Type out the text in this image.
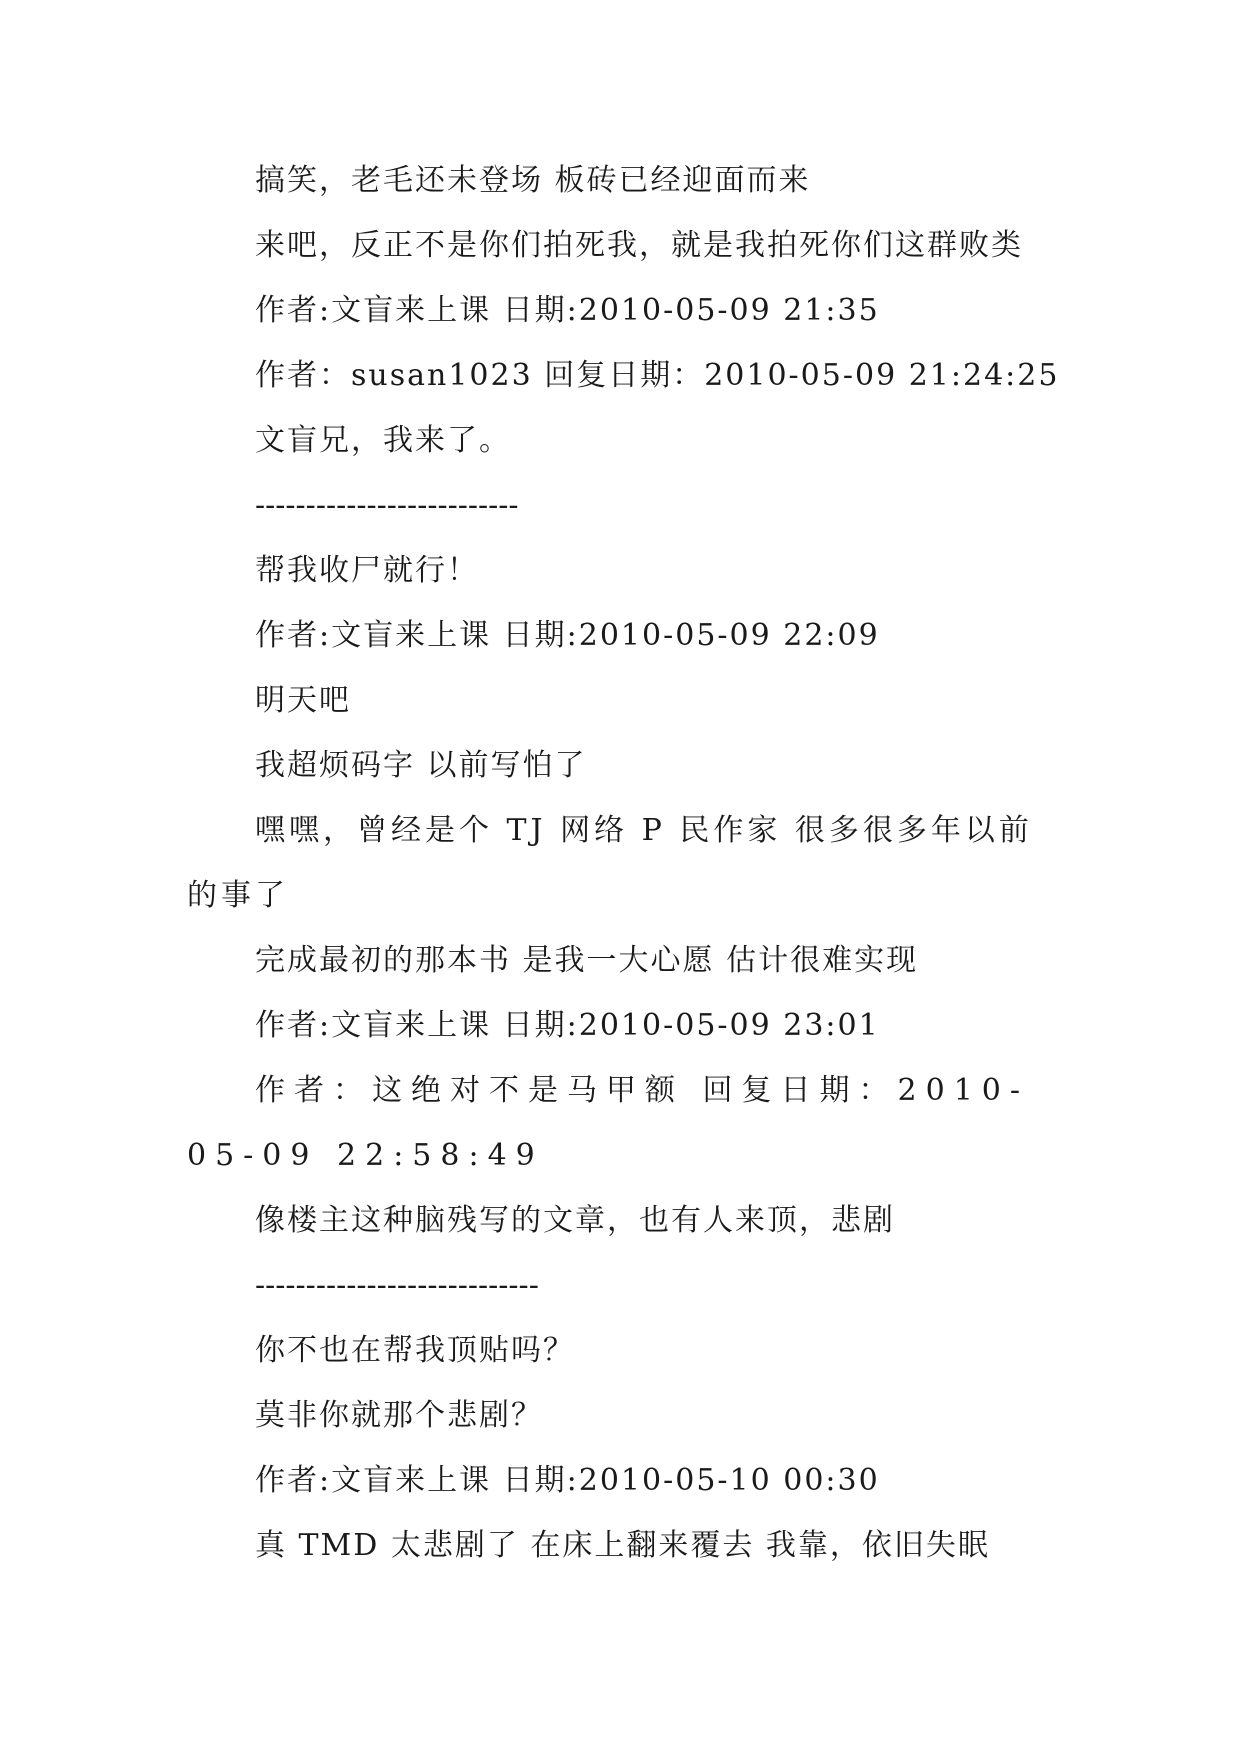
搞笑，老毛还未登场 板砖已经迎面而来

来吧，反正不是你们拍死我，就是我拍死你们这群败类

作者:文盲来上课 日期:2010-05-09 21:35

作者：susan1023 回复日期：2010-05-09 21:24:25

文盲兄，我来了。

--------------------------

帮我收尸就行！

作者:文盲来上课 日期:2010-05-09 22:09

明天吧

我超烦码字 以前写怕了

嘿嘿，曾经是个 TJ 网络 P 民作家 很多很多年以前的事了

完成最初的那本书 是我一大心愿 估计很难实现

作者:文盲来上课 日期:2010-05-09 23:01

作者：这绝对不是马甲额 回复日期：2010-05-09 22:58:49

像楼主这种脑残写的文章，也有人来顶，悲剧

----------------------------

你不也在帮我顶贴吗？

莫非你就那个悲剧？

作者:文盲来上课 日期:2010-05-10 00:30

真 TMD 太悲剧了 在床上翻来覆去 我靠，依旧失眠
